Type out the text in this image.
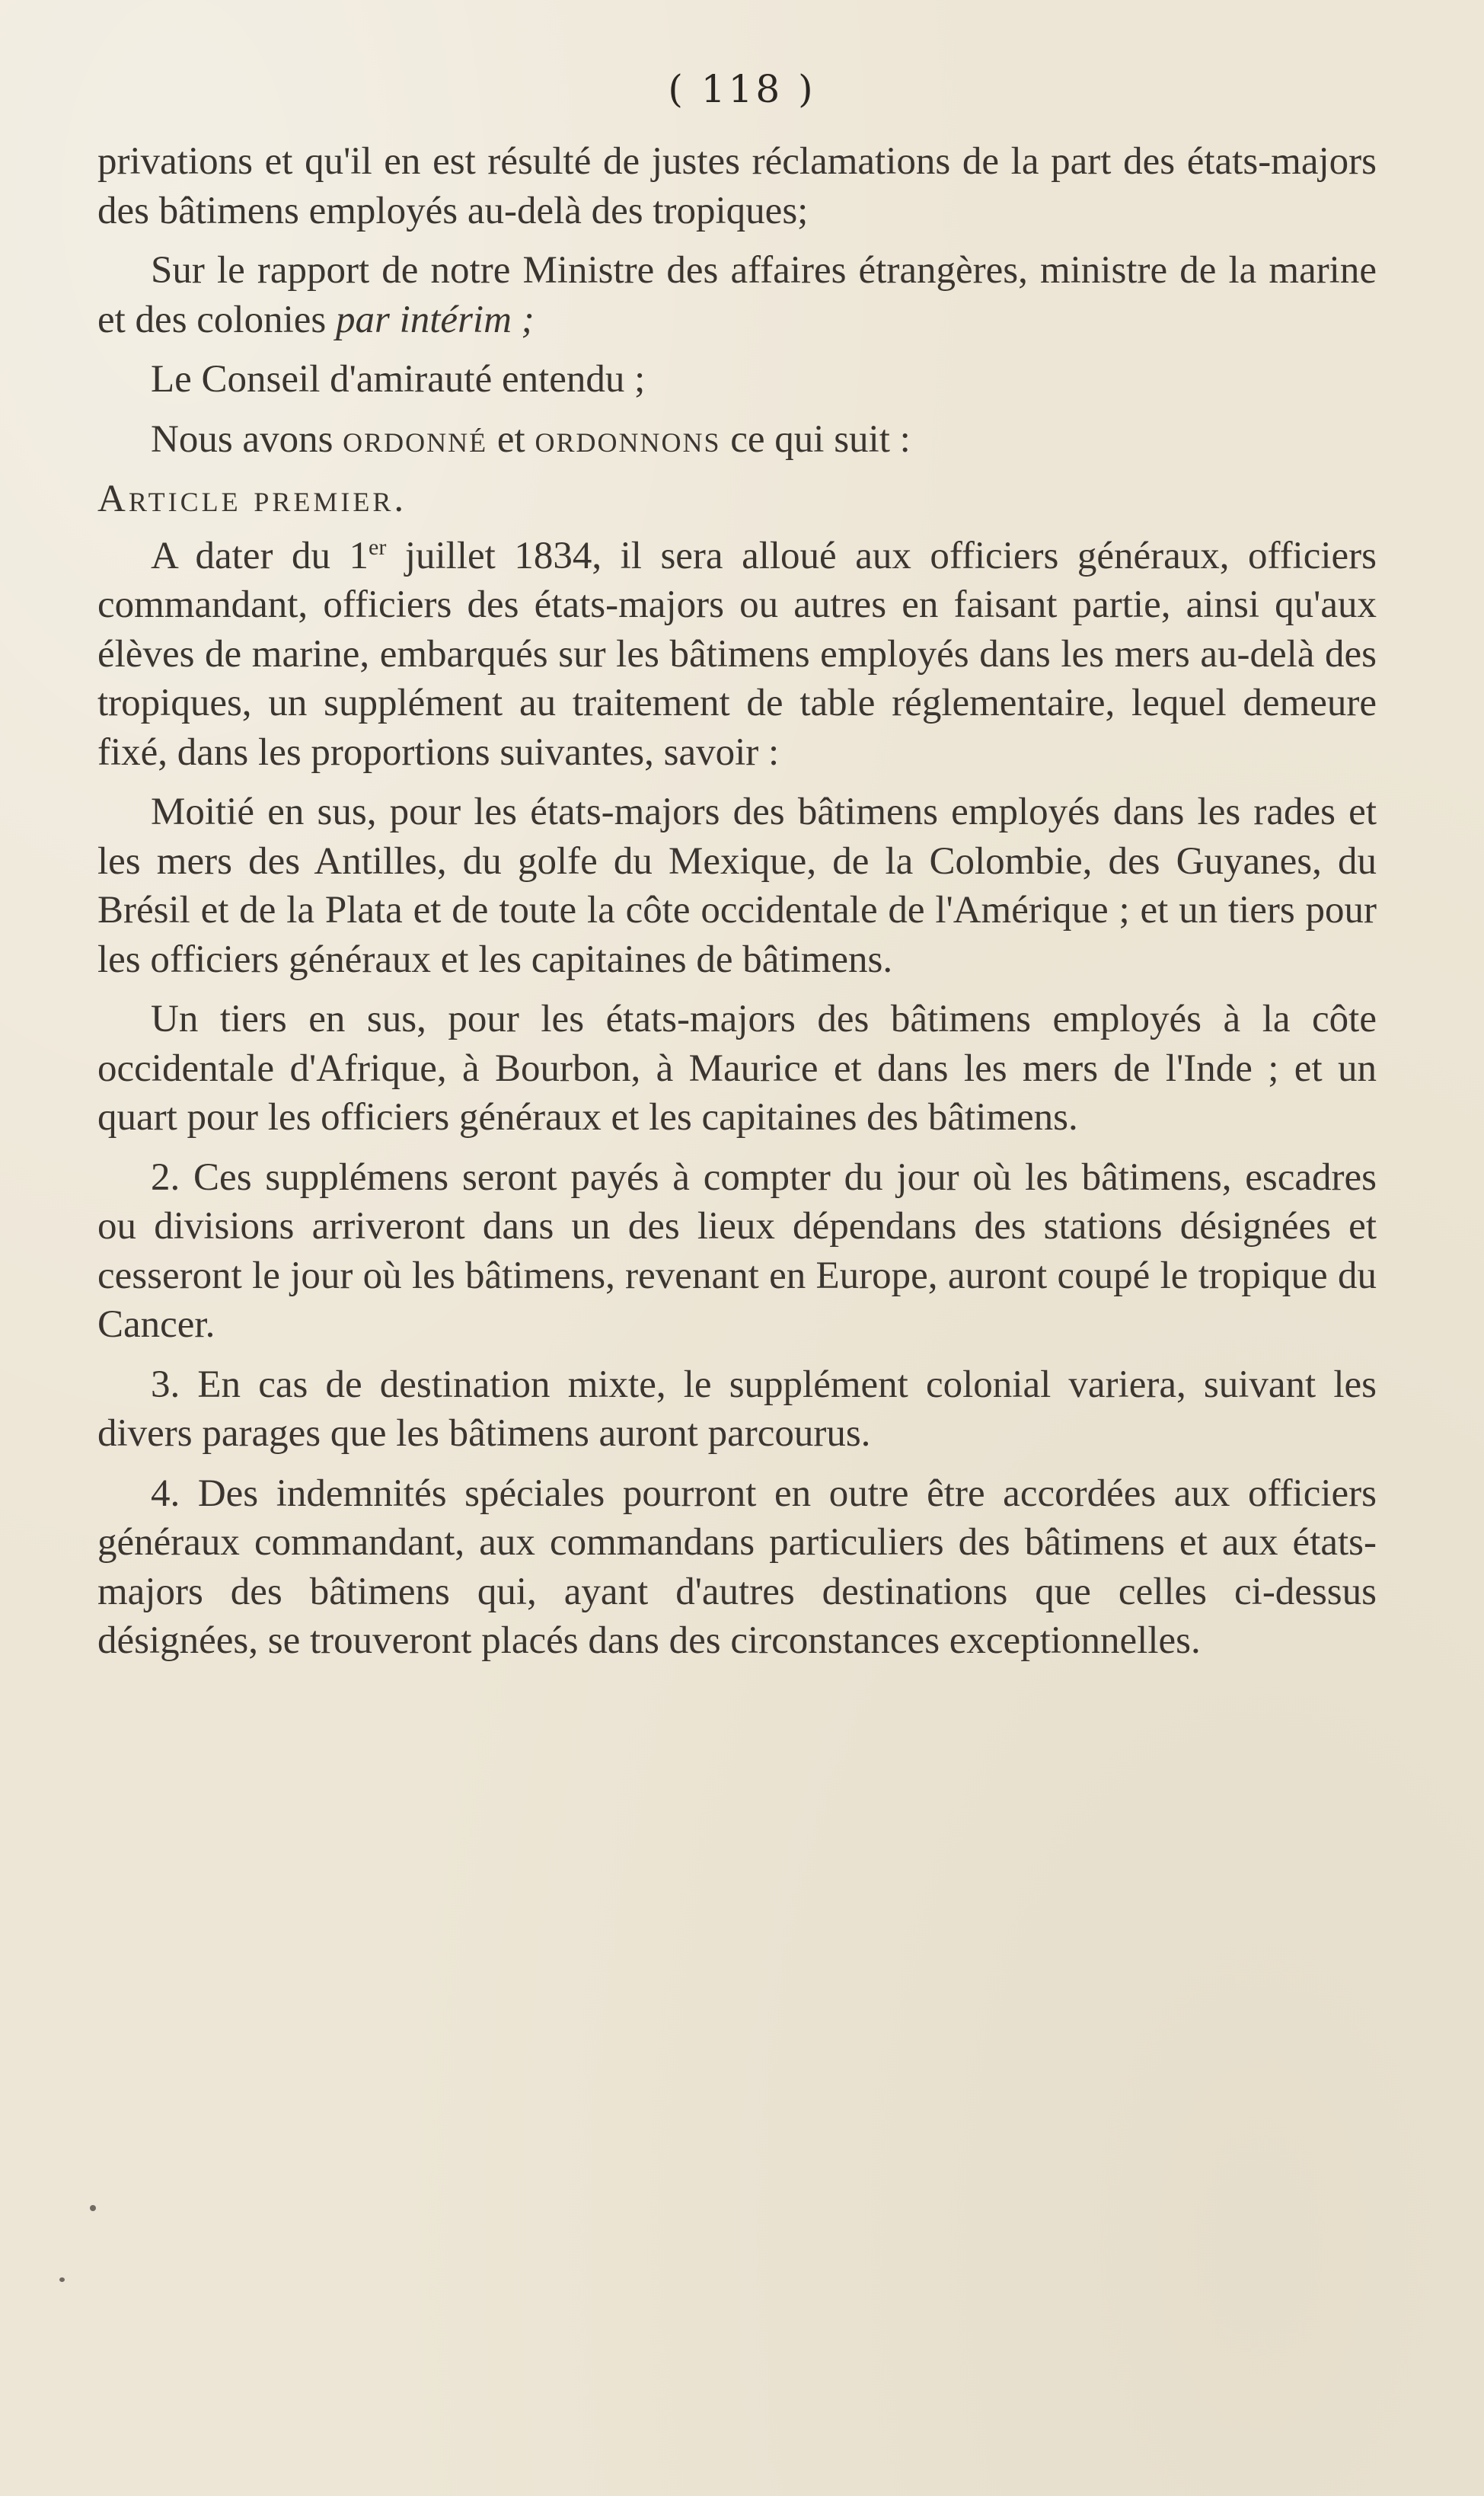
( 118 )

privations et qu'il en est résulté de justes réclamations de la part des états-majors des bâtimens employés au-delà des tropiques;

Sur le rapport de notre Ministre des affaires étrangères, ministre de la marine et des colonies par intérim ;

Le Conseil d'amirauté entendu ;

Nous avons ordonné et ordonnons ce qui suit :

Article premier.

A dater du 1er juillet 1834, il sera alloué aux officiers généraux, officiers commandant, officiers des états-majors ou autres en faisant partie, ainsi qu'aux élèves de marine, embarqués sur les bâtimens employés dans les mers au-delà des tropiques, un supplément au traitement de table réglementaire, lequel demeure fixé, dans les proportions suivantes, savoir :

Moitié en sus, pour les états-majors des bâtimens employés dans les rades et les mers des Antilles, du golfe du Mexique, de la Colombie, des Guyanes, du Brésil et de la Plata et de toute la côte occidentale de l'Amérique ; et un tiers pour les officiers généraux et les capitaines de bâtimens.

Un tiers en sus, pour les états-majors des bâtimens employés à la côte occidentale d'Afrique, à Bourbon, à Maurice et dans les mers de l'Inde ; et un quart pour les officiers généraux et les capitaines des bâtimens.

2. Ces supplémens seront payés à compter du jour où les bâtimens, escadres ou divisions arriveront dans un des lieux dépendans des stations désignées et cesseront le jour où les bâtimens, revenant en Europe, auront coupé le tropique du Cancer.

3. En cas de destination mixte, le supplément colonial variera, suivant les divers parages que les bâtimens auront parcourus.

4. Des indemnités spéciales pourront en outre être accordées aux officiers généraux commandant, aux commandans particuliers des bâtimens et aux états-majors des bâtimens qui, ayant d'autres destinations que celles ci-dessus désignées, se trouveront placés dans des circonstances exceptionnelles.
